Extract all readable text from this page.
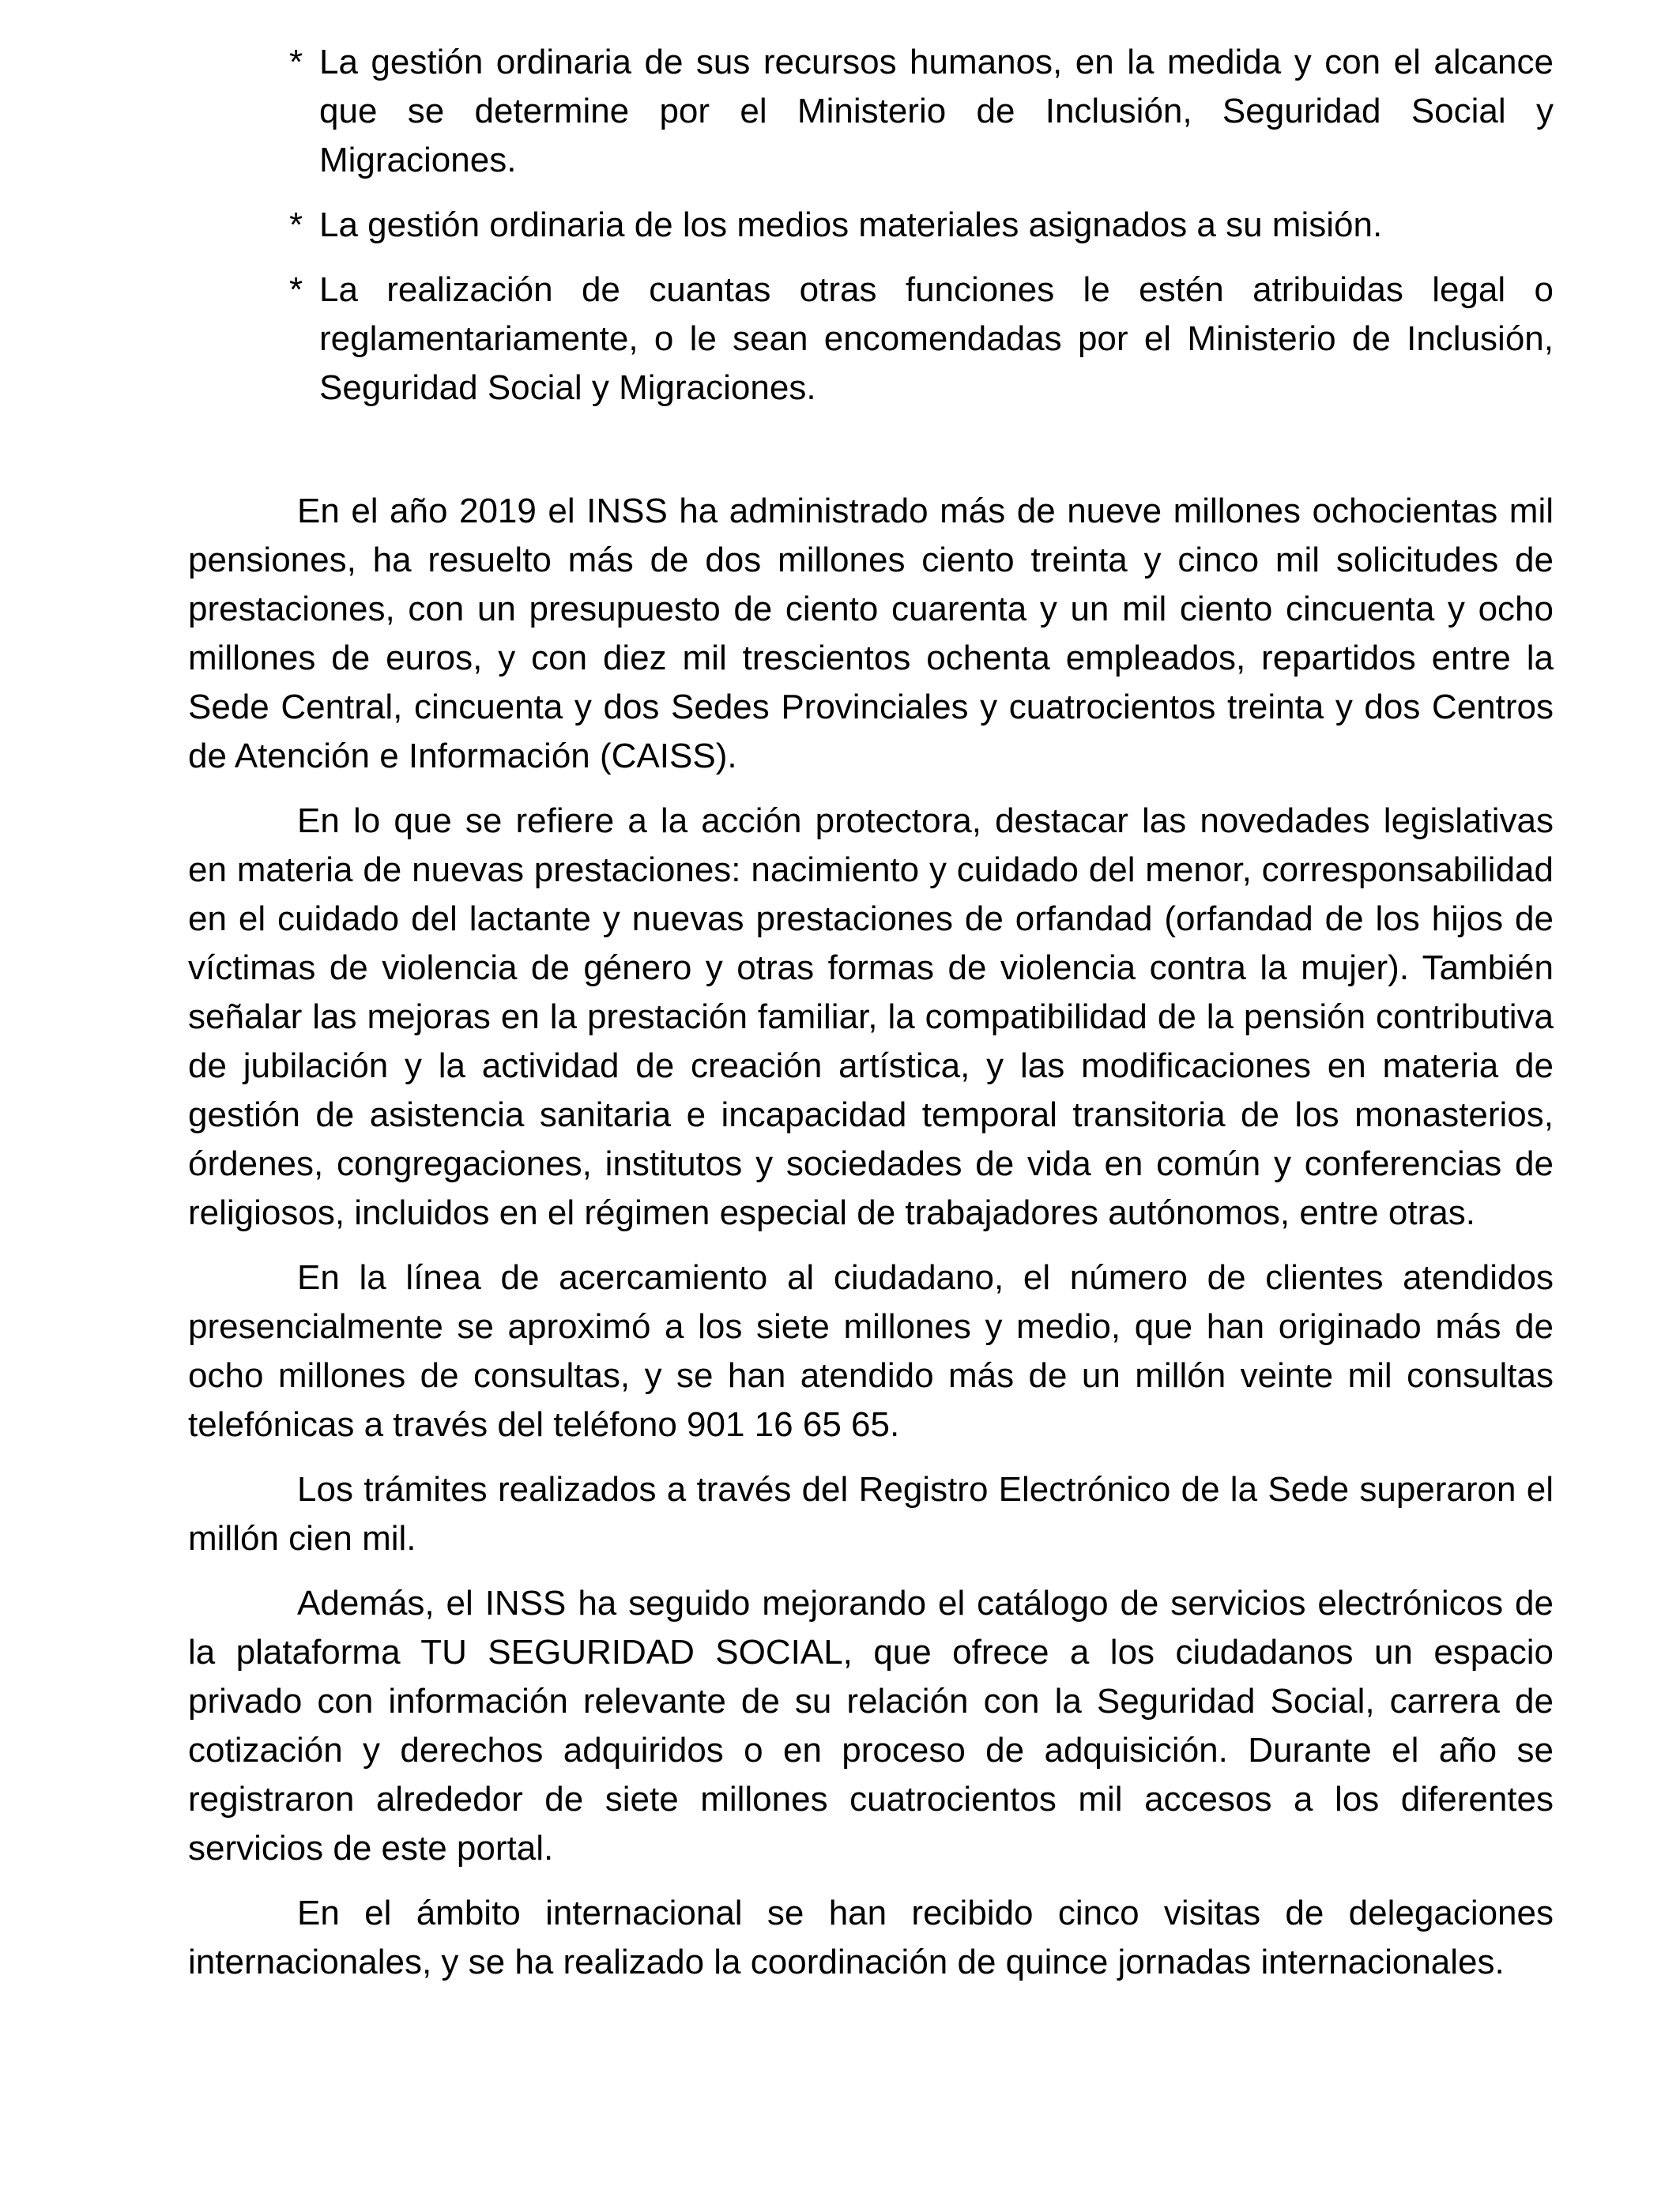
* La gestión ordinaria de sus recursos humanos, en la medida y con el alcance que se determine por el Ministerio de Inclusión, Seguridad Social y Migraciones.
* La gestión ordinaria de los medios materiales asignados a su misión.
* La realización de cuantas otras funciones le estén atribuidas legal o reglamentariamente, o le sean encomendadas por el Ministerio de Inclusión, Seguridad Social y Migraciones.

En el año 2019 el INSS ha administrado más de nueve millones ochocientas mil pensiones, ha resuelto más de dos millones ciento treinta y cinco mil solicitudes de prestaciones, con un presupuesto de ciento cuarenta y un mil ciento cincuenta y ocho millones de euros, y con diez mil trescientos ochenta empleados, repartidos entre la Sede Central, cincuenta y dos Sedes Provinciales y cuatrocientos treinta y dos Centros de Atención e Información (CAISS).

En lo que se refiere a la acción protectora, destacar las novedades legislativas en materia de nuevas prestaciones: nacimiento y cuidado del menor, corresponsabilidad en el cuidado del lactante y nuevas prestaciones de orfandad (orfandad de los hijos de víctimas de violencia de género y otras formas de violencia contra la mujer). También señalar las mejoras en la prestación familiar, la compatibilidad de la pensión contributiva de jubilación y la actividad de creación artística, y las modificaciones en materia de gestión de asistencia sanitaria e incapacidad temporal transitoria de los monasterios, órdenes, congregaciones, institutos y sociedades de vida en común y conferencias de religiosos, incluidos en el régimen especial de trabajadores autónomos, entre otras.

En la línea de acercamiento al ciudadano, el número de clientes atendidos presencialmente se aproximó a los siete millones y medio, que han originado más de ocho millones de consultas, y se han atendido más de un millón veinte mil consultas telefónicas a través del teléfono 901 16 65 65.

Los trámites realizados a través del Registro Electrónico de la Sede superaron el millón cien mil.

Además, el INSS ha seguido mejorando el catálogo de servicios electrónicos de la plataforma TU SEGURIDAD SOCIAL, que ofrece a los ciudadanos un espacio privado con información relevante de su relación con la Seguridad Social, carrera de cotización y derechos adquiridos o en proceso de adquisición. Durante el año se registraron alrededor de siete millones cuatrocientos mil accesos a los diferentes servicios de este portal.

En el ámbito internacional se han recibido cinco visitas de delegaciones internacionales, y se ha realizado la coordinación de quince jornadas internacionales.
